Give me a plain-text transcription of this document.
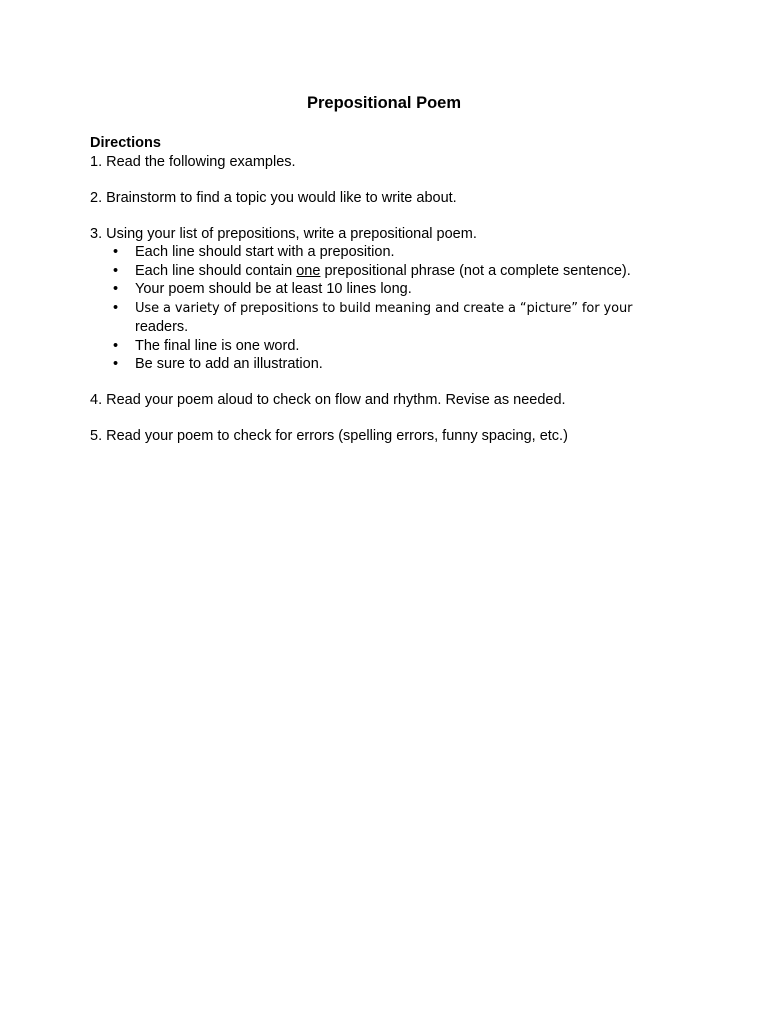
Prepositional Poem
Directions

1. Read the following examples.

2. Brainstorm to find a topic you would like to write about.

3. Using your list of prepositions, write a prepositional poem.

• Each line should start with a preposition.
• Each line should contain one prepositional phrase (not a complete sentence).
• Your poem should be at least 10 lines long.
• Use a variety of prepositions to build meaning and create a “picture” for your
readers.
• The final line is one word.
• Be sure to add an illustration.

4. Read your poem aloud to check on flow and rhythm. Revise as needed.

5. Read your poem to check for errors (spelling errors, funny spacing, etc.)
